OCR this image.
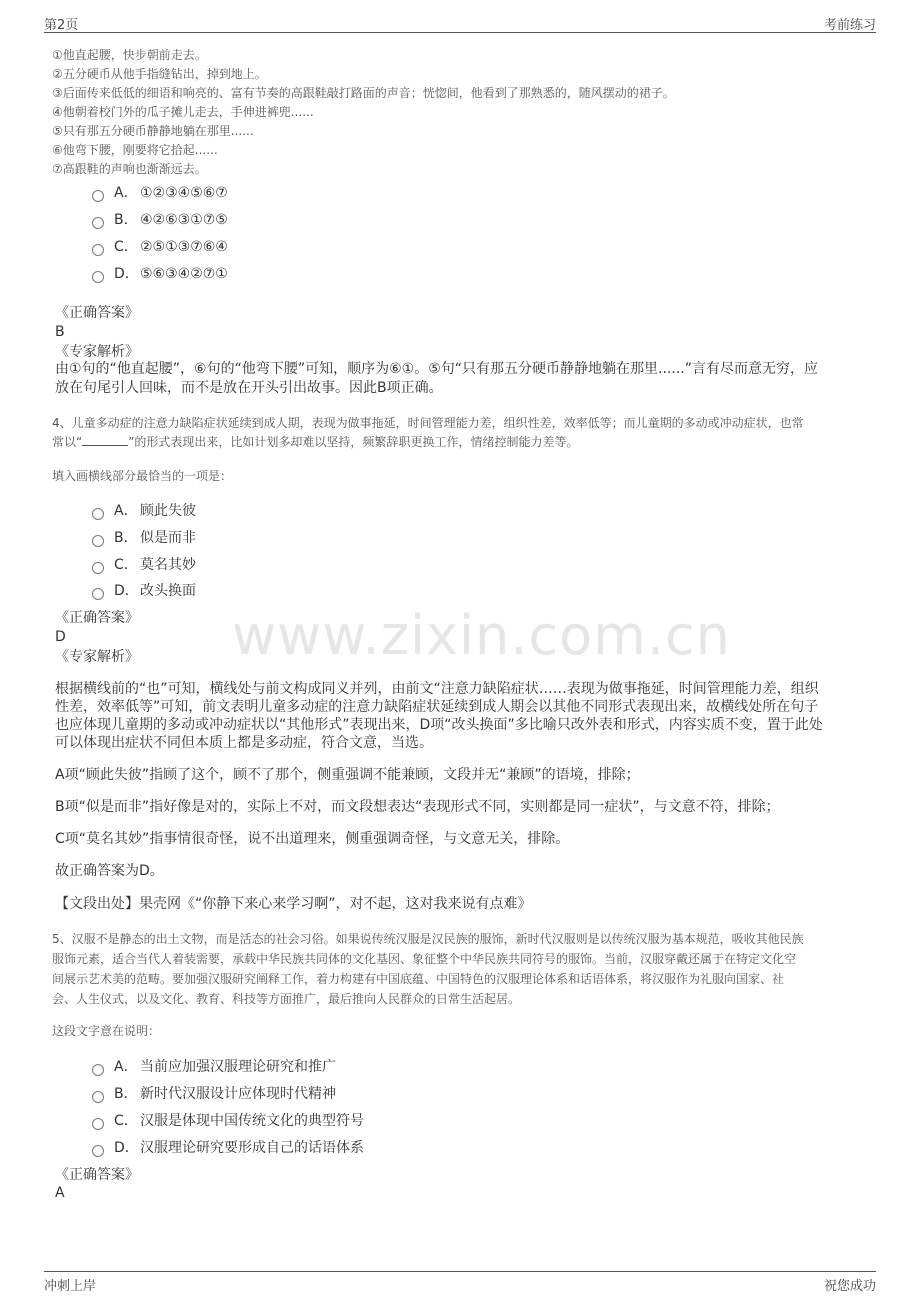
第2页	考前练习
www.zixin.com.cn
①他直起腰，快步朝前走去。
②五分硬币从他手指缝钻出，掉到地上。
③后面传来低低的细语和响亮的、富有节奏的高跟鞋敲打路面的声音；恍惚间，他看到了那熟悉的，随风摆动的裙子。
④他朝着校门外的瓜子摊儿走去，手伸进裤兜......
⑤只有那五分硬币静静地躺在那里......
⑥他弯下腰，刚要将它拾起......
⑦高跟鞋的声响也渐渐远去。
A． ①②③④⑤⑥⑦
B． ④②⑥③①⑦⑤
C． ②⑤①③⑦⑥④
D．⑤⑥③④②⑦①
《正确答案》
B
《专家解析》
由①句的“他直起腰”，⑥句的“他弯下腰”可知，顺序为⑥①。⑤句“只有那五分硬币静静地躺在那里......”言有尽而意无穷，应
放在句尾引人回味，而不是放在开头引出故事。因此B项正确。
4、儿童多动症的注意力缺陷症状延续到成人期，表现为做事拖延，时间管理能力差，组织性差，效率低等；而儿童期的多动或冲动症状，也常
常以“	”的形式表现出来，比如计划多却难以坚持，频繁辞职更换工作，情绪控制能力差等。
填入画横线部分最恰当的一项是：
A． 顾此失彼
B． 似是而非
C． 莫名其妙
D．改头换面
《正确答案》
D
《专家解析》
根据横线前的“也”可知，横线处与前文构成同义并列，由前文“注意力缺陷症状……表现为做事拖延，时间管理能力差，组织
性差，效率低等”可知，前文表明儿童多动症的注意力缺陷症状延续到成人期会以其他不同形式表现出来，故横线处所在句子
也应体现儿童期的多动或冲动症状以“其他形式”表现出来，D项“改头换面”多比喻只改外表和形式，内容实质不变，置于此处
可以体现出症状不同但本质上都是多动症，符合文意，当选。
A项“顾此失彼”指顾了这个，顾不了那个，侧重强调不能兼顾，文段并无“兼顾”的语境，排除；
B项“似是而非”指好像是对的，实际上不对，而文段想表达“表现形式不同，实则都是同一症状”，与文意不符，排除；
C项“莫名其妙”指事情很奇怪，说不出道理来，侧重强调奇怪，与文意无关，排除。
故正确答案为D。
【文段出处】果壳网《“你静下来心来学习啊”，对不起，这对我来说有点难》
5、汉服不是静态的出土文物，而是活态的社会习俗。如果说传统汉服是汉民族的服饰，新时代汉服则是以传统汉服为基本规范，吸收其他民族
服饰元素，适合当代人着装需要，承载中华民族共同体的文化基因、象征整个中华民族共同符号的服饰。当前，汉服穿戴还属于在特定文化空
间展示艺术美的范畴。要加强汉服研究阐释工作，着力构建有中国底蕴、中国特色的汉服理论体系和话语体系，将汉服作为礼服向国家、社
会、人生仪式，以及文化、教育、科技等方面推广，最后推向人民群众的日常生活起居。
这段文字意在说明：
A． 当前应加强汉服理论研究和推广
B． 新时代汉服设计应体现时代精神
C． 汉服是体现中国传统文化的典型符号
D．汉服理论研究要形成自己的话语体系
《正确答案》
A
冲刺上岸	祝您成功
